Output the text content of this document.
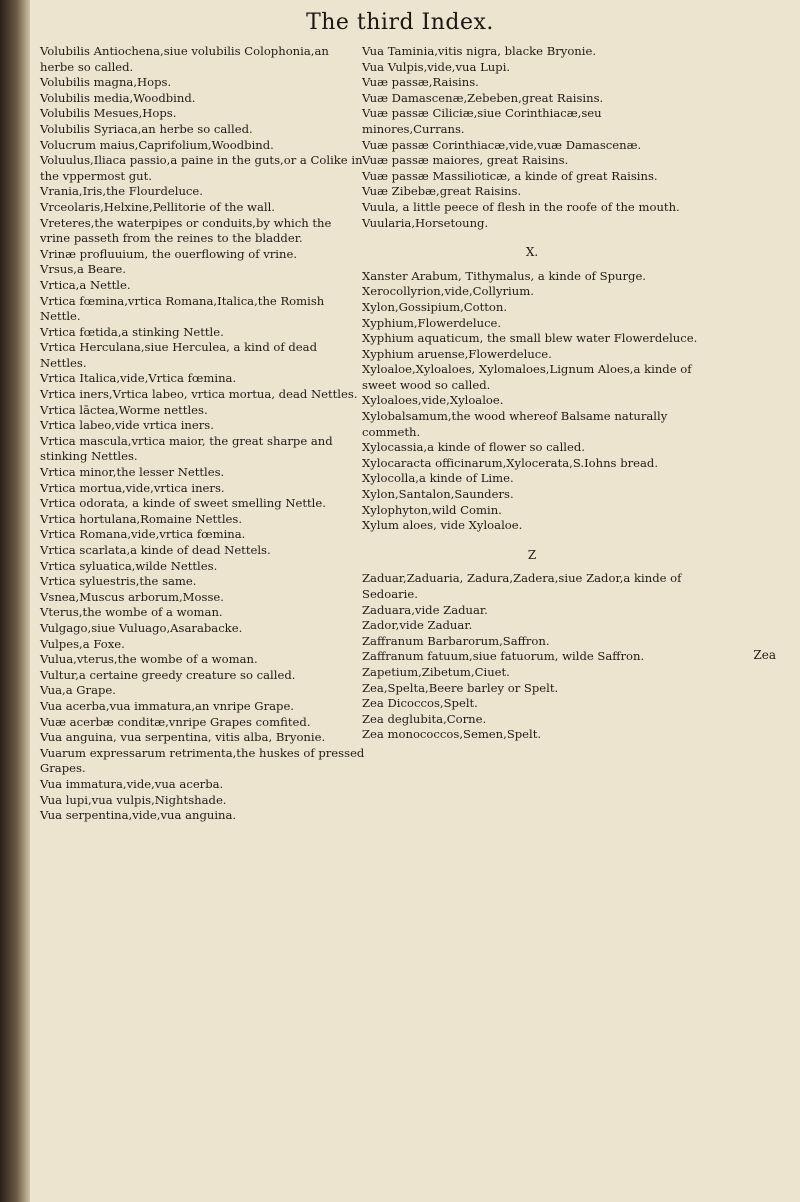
The third Index.

Volubilis Antiochena,siue volubilis Colophonia,an herbe so called.

Volubilis magna,Hops.

Volubilis media,Woodbind.

Volubilis Mesues,Hops.

Volubilis Syriaca,an herbe so called.

Volucrum maius,Caprifolium,Woodbind.

Voluulus,Iliaca passio,a paine in the guts,or a Colike in the vppermost gut.

Vrania,Iris,the Flourdeluce.

Vrceolaris,Helxine,Pellitorie of the wall.

Vreteres,the waterpipes or conduits,by which the vrine passeth from the reines to the bladder.

Vrinæ profluuium, the ouerflowing of vrine.

Vrsus,a Beare.

Vrtica,a Nettle.

Vrtica fœmina,vrtica Romana,Italica,the Romish Nettle.

Vrtica fœtida,a stinking Nettle.

Vrtica Herculana,siue Herculea, a kind of dead Nettles.

Vrtica Italica,vide,Vrtica fœmina.

Vrtica iners,Vrtica labeo, vrtica mortua, dead Nettles.

Vrtica lāctea,Worme nettles.

Vrtica labeo,vide vrtica iners.

Vrtica mascula,vrtica maior, the great sharpe and stinking Nettles.

Vrtica minor,the lesser Nettles.

Vrtica mortua,vide,vrtica iners.

Vrtica odorata, a kinde of sweet smelling Nettle.

Vrtica hortulana,Romaine Nettles.

Vrtica Romana,vide,vrtica fœmina.

Vrtica scarlata,a kinde of dead Nettels.

Vrtica syluatica,wilde Nettles.

Vrtica syluestris,the same.

Vsnea,Muscus arborum,Mosse.

Vterus,the wombe of a woman.

Vulgago,siue Vuluago,Asarabacke.

Vulpes,a Foxe.

Vulua,vterus,the wombe of a woman.

Vultur,a certaine greedy creature so called.

Vua,a Grape.

Vua acerba,vua immatura,an vnripe Grape.

Vuæ acerbæ conditæ,vnripe Grapes comfited.

Vua anguina, vua serpentina, vitis alba, Bryonie.

Vuarum expressarum retrimenta,the huskes of pressed Grapes.

Vua immatura,vide,vua acerba.

Vua lupi,vua vulpis,Nightshade.

Vua serpentina,vide,vua anguina.

Vua Taminia,vitis nigra, blacke Bryonie.

Vua Vulpis,vide,vua Lupi.

Vuæ passæ,Raisins.

Vuæ Damascenæ,Zebeben,great Raisins.

Vuæ passæ Ciliciæ,siue Corinthiacæ,seu minores,Currans.

Vuæ passæ Corinthiacæ,vide,vuæ Damascenæ.

Vuæ passæ maiores, great Raisins.

Vuæ passæ Massilioticæ, a kinde of great Raisins.

Vuæ Zibebæ,great Raisins.

Vuula, a little peece of flesh in the roofe of the mouth.

Vuularia,Horsetoung.

X.

Xanster Arabum, Tithymalus, a kinde of Spurge.

Xerocollyrion,vide,Collyrium.

Xylon,Gossipium,Cotton.

Xyphium,Flowerdeluce.

Xyphium aquaticum, the small blew water Flowerdeluce.

Xyphium aruense,Flowerdeluce.

Xyloaloe,Xyloaloes, Xylomaloes,Lignum Aloes,a kinde of sweet wood so called.

Xyloaloes,vide,Xyloaloe.

Xylobalsamum,the wood whereof Balsame naturally commeth.

Xylocassia,a kinde of flower so called.

Xylocaracta officinarum,Xylocerata,S.Iohns bread.

Xylocolla,a kinde of Lime.

Xylon,Santalon,Saunders.

Xylophyton,wild Comin.

Xylum aloes, vide Xyloaloe.

Z

Zaduar,Zaduaria, Zadura,Zadera,siue Zador,a kinde of Sedoarie.

Zaduara,vide Zaduar.

Zador,vide Zaduar.

Zaffranum Barbarorum,Saffron.

Zaffranum fatuum,siue fatuorum, wilde Saffron.

Zapetium,Zibetum,Ciuet.

Zea,Spelta,Beere barley or Spelt.

Zea Dicoccos,Spelt.

Zea deglubita,Corne.

Zea monococcos,Semen,Spelt.

Zea
